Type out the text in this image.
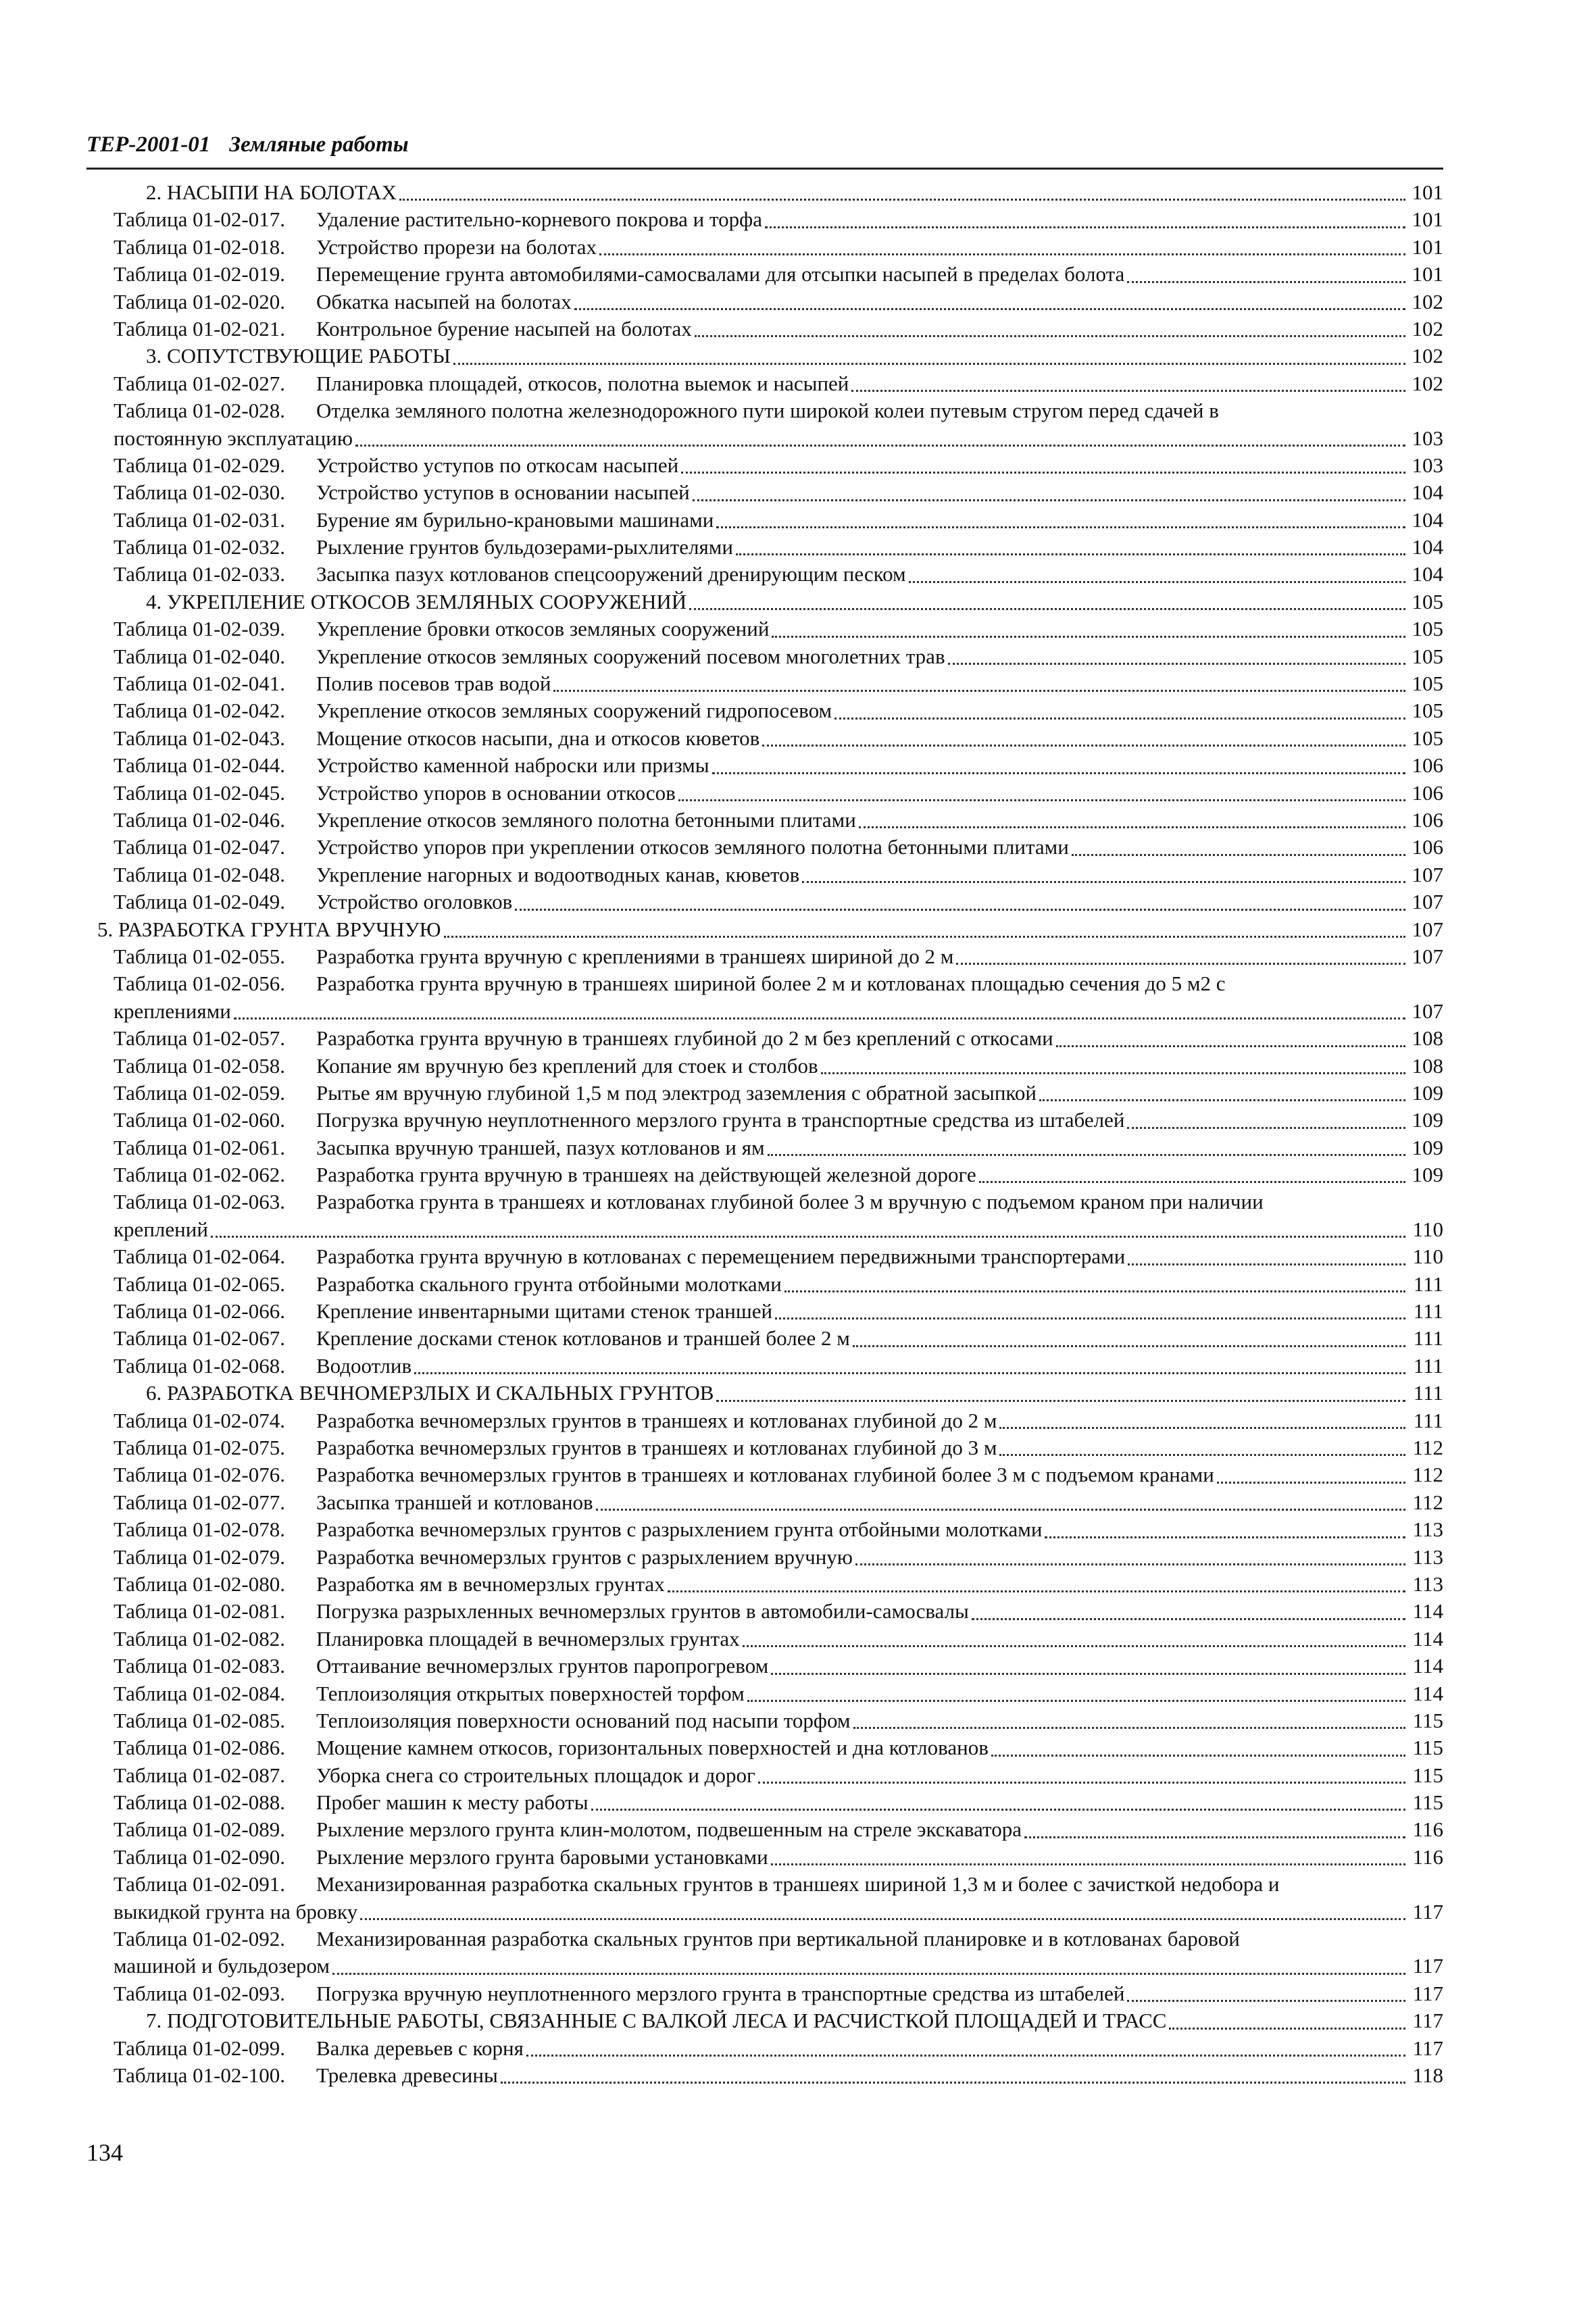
ТЕР-2001-01 Земляные работы
2. НАСЫПИ НА БОЛОТАХ	101
Таблица 01-02-017. Удаление растительно-корневого покрова и торфа	101
Таблица 01-02-018. Устройство прорези на болотах	101
Таблица 01-02-019. Перемещение грунта автомобилями-самосвалами для отсыпки насыпей в пределах болота	101
Таблица 01-02-020. Обкатка насыпей на болотах	102
Таблица 01-02-021. Контрольное бурение насыпей на болотах	102
3. СОПУТСТВУЮЩИЕ РАБОТЫ	102
Таблица 01-02-027. Планировка площадей, откосов, полотна выемок и насыпей	102
Таблица 01-02-028. Отделка земляного полотна железнодорожного пути широкой колеи путевым стругом перед сдачей в
постоянную эксплуатацию	103
Таблица 01-02-029. Устройство уступов по откосам насыпей	103
Таблица 01-02-030. Устройство уступов в основании насыпей	104
Таблица 01-02-031. Бурение ям бурильно-крановыми машинами	104
Таблица 01-02-032. Рыхление грунтов бульдозерами-рыхлителями	104
Таблица 01-02-033. Засыпка пазух котлованов спецсооружений дренирующим песком	104
4. УКРЕПЛЕНИЕ ОТКОСОВ ЗЕМЛЯНЫХ СООРУЖЕНИЙ	105
Таблица 01-02-039. Укрепление бровки откосов земляных сооружений	105
Таблица 01-02-040. Укрепление откосов земляных сооружений посевом многолетних трав	105
Таблица 01-02-041. Полив посевов трав водой	105
Таблица 01-02-042. Укрепление откосов земляных сооружений гидропосевом	105
Таблица 01-02-043. Мощение откосов насыпи, дна и откосов кюветов	105
Таблица 01-02-044. Устройство каменной наброски или призмы	106
Таблица 01-02-045. Устройство упоров в основании откосов	106
Таблица 01-02-046. Укрепление откосов земляного полотна бетонными плитами	106
Таблица 01-02-047. Устройство упоров при укреплении откосов земляного полотна бетонными плитами	106
Таблица 01-02-048. Укрепление нагорных и водоотводных канав, кюветов	107
Таблица 01-02-049. Устройство оголовков	107
5. РАЗРАБОТКА ГРУНТА ВРУЧНУЮ	107
Таблица 01-02-055. Разработка грунта вручную с креплениями в траншеях шириной до 2 м	107
Таблица 01-02-056. Разработка грунта вручную в траншеях шириной более 2 м и котлованах площадью сечения до 5 м2 с
креплениями	107
Таблица 01-02-057. Разработка грунта вручную в траншеях глубиной до 2 м без креплений с откосами	108
Таблица 01-02-058. Копание ям вручную без креплений для стоек и столбов	108
Таблица 01-02-059. Рытье ям вручную глубиной 1,5 м под электрод заземления с обратной засыпкой	109
Таблица 01-02-060. Погрузка вручную неуплотненного мерзлого грунта в транспортные средства из штабелей	109
Таблица 01-02-061. Засыпка вручную траншей, пазух котлованов и ям	109
Таблица 01-02-062. Разработка грунта вручную в траншеях на действующей железной дороге	109
Таблица 01-02-063. Разработка грунта в траншеях и котлованах глубиной более 3 м вручную с подъемом краном при наличии
креплений	110
Таблица 01-02-064. Разработка грунта вручную в котлованах с перемещением передвижными транспортерами	110
Таблица 01-02-065. Разработка скального грунта отбойными молотками	111
Таблица 01-02-066. Крепление инвентарными щитами стенок траншей	111
Таблица 01-02-067. Крепление досками стенок котлованов и траншей более 2 м	111
Таблица 01-02-068. Водоотлив	111
6. РАЗРАБОТКА ВЕЧНОМЕРЗЛЫХ И СКАЛЬНЫХ ГРУНТОВ	111
Таблица 01-02-074. Разработка вечномерзлых грунтов в траншеях и котлованах глубиной до 2 м	111
Таблица 01-02-075. Разработка вечномерзлых грунтов в траншеях и котлованах глубиной до 3 м	112
Таблица 01-02-076. Разработка вечномерзлых грунтов в траншеях и котлованах глубиной более 3 м с подъемом кранами	112
Таблица 01-02-077. Засыпка траншей и котлованов	112
Таблица 01-02-078. Разработка вечномерзлых грунтов с разрыхлением грунта отбойными молотками	113
Таблица 01-02-079. Разработка вечномерзлых грунтов с разрыхлением вручную	113
Таблица 01-02-080. Разработка ям в вечномерзлых грунтах	113
Таблица 01-02-081. Погрузка разрыхленных вечномерзлых грунтов в автомобили-самосвалы	114
Таблица 01-02-082. Планировка площадей в вечномерзлых грунтах	114
Таблица 01-02-083. Оттаивание вечномерзлых грунтов паропрогревом	114
Таблица 01-02-084. Теплоизоляция открытых поверхностей торфом	114
Таблица 01-02-085. Теплоизоляция поверхности оснований под насыпи торфом	115
Таблица 01-02-086. Мощение камнем откосов, горизонтальных поверхностей и дна котлованов	115
Таблица 01-02-087. Уборка снега со строительных площадок и дорог	115
Таблица 01-02-088. Пробег машин к месту работы	115
Таблица 01-02-089. Рыхление мерзлого грунта клин-молотом, подвешенным на стреле экскаватора	116
Таблица 01-02-090. Рыхление мерзлого грунта баровыми установками	116
Таблица 01-02-091. Механизированная разработка скальных грунтов в траншеях шириной 1,3 м и более с зачисткой недобора и
выкидкой грунта на бровку	117
Таблица 01-02-092. Механизированная разработка скальных грунтов при вертикальной планировке и в котлованах баровой
машиной и бульдозером	117
Таблица 01-02-093. Погрузка вручную неуплотненного мерзлого грунта в транспортные средства из штабелей	117
7. ПОДГОТОВИТЕЛЬНЫЕ РАБОТЫ, СВЯЗАННЫЕ С ВАЛКОЙ ЛЕСА И РАСЧИСТКОЙ ПЛОЩАДЕЙ И ТРАСС	117
Таблица 01-02-099. Валка деревьев с корня	117
Таблица 01-02-100. Трелевка древесины	118
134
